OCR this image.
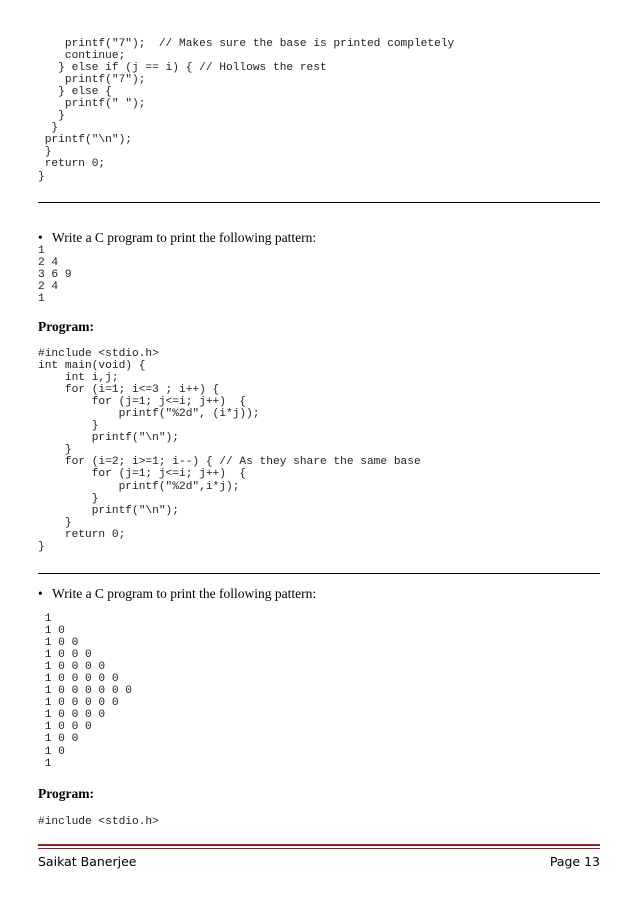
printf("7");  // Makes sure the base is printed completely
continue;
} else if (j == i) { // Hollows the rest
printf("7");
} else {
printf(" ");
}
}
printf("\n");
}
return 0;
}
• Write a C program to print the following pattern:
1
2 4
3 6 9
2 4
1
Program:
#include <stdio.h>
int main(void) {
int i,j;
for (i=1; i<=3 ; i++) {
for (j=1; j<=i; j++)  {
printf("%2d", (i*j));
}
printf("\n");
}
for (i=2; i>=1; i--) { // As they share the same base
for (j=1; j<=i; j++)  {
printf("%2d",i*j);
}
printf("\n");
}
return 0;
}
• Write a C program to print the following pattern:
1
1 0
1 0 0
1 0 0 0
1 0 0 0 0
1 0 0 0 0 0
1 0 0 0 0 0 0
1 0 0 0 0 0
1 0 0 0 0
1 0 0 0
1 0 0
1 0
1
Program:
#include <stdio.h>
Saikat Banerjee	Page 13
